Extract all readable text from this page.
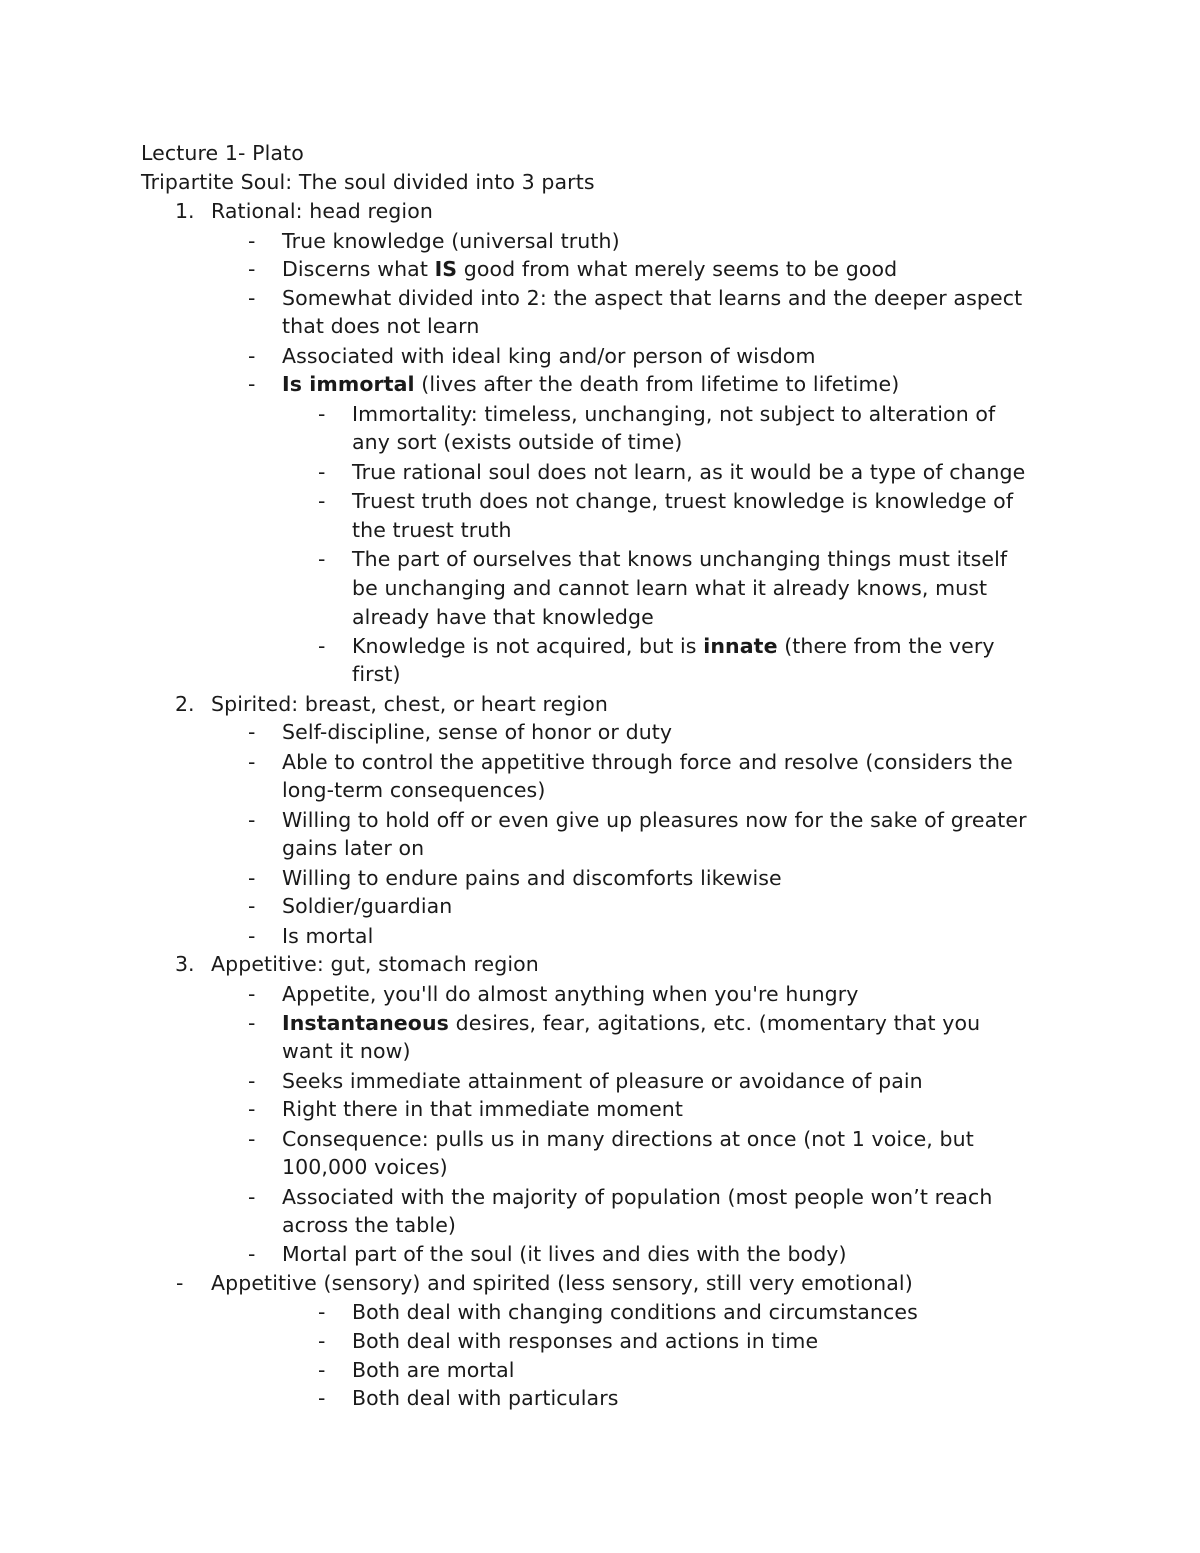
Lecture 1- Plato
Tripartite Soul: The soul divided into 3 parts
1. Rational: head region
- True knowledge (universal truth)
- Discerns what IS good from what merely seems to be good
- Somewhat divided into 2: the aspect that learns and the deeper aspect
that does not learn
- Associated with ideal king and/or person of wisdom
- Is immortal (lives after the death from lifetime to lifetime)
- Immortality: timeless, unchanging, not subject to alteration of
any sort (exists outside of time)
- True rational soul does not learn, as it would be a type of change
- Truest truth does not change, truest knowledge is knowledge of
the truest truth
- The part of ourselves that knows unchanging things must itself
be unchanging and cannot learn what it already knows, must
already have that knowledge
- Knowledge is not acquired, but is innate (there from the very
first)
2. Spirited: breast, chest, or heart region
- Self-discipline, sense of honor or duty
- Able to control the appetitive through force and resolve (considers the
long-term consequences)
- Willing to hold off or even give up pleasures now for the sake of greater
gains later on
- Willing to endure pains and discomforts likewise
- Soldier/guardian
- Is mortal
3. Appetitive: gut, stomach region
- Appetite, you'll do almost anything when you're hungry
- Instantaneous desires, fear, agitations, etc. (momentary that you
want it now)
- Seeks immediate attainment of pleasure or avoidance of pain
- Right there in that immediate moment
- Consequence: pulls us in many directions at once (not 1 voice, but
100,000 voices)
- Associated with the majority of population (most people won’t reach
across the table)
- Mortal part of the soul (it lives and dies with the body)
- Appetitive (sensory) and spirited (less sensory, still very emotional)
- Both deal with changing conditions and circumstances
- Both deal with responses and actions in time
- Both are mortal
- Both deal with particulars
